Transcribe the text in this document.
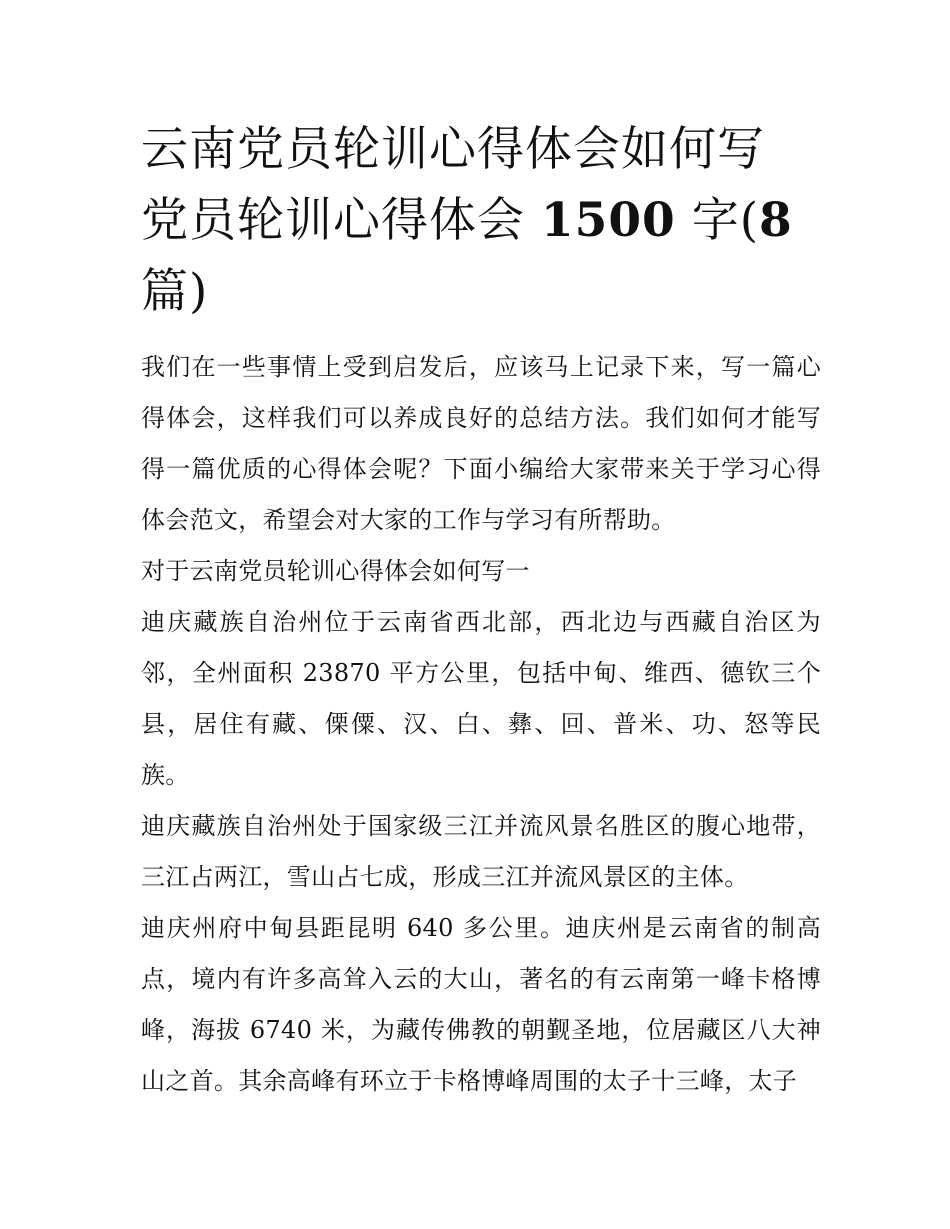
云南党员轮训心得体会如何写
党员轮训心得体会 1500 字(8
篇)

我们在一些事情上受到启发后，应该马上记录下来，写一篇心得体会，这样我们可以养成良好的总结方法。我们如何才能写得一篇优质的心得体会呢？下面小编给大家带来关于学习心得体会范文，希望会对大家的工作与学习有所帮助。

对于云南党员轮训心得体会如何写一

迪庆藏族自治州位于云南省西北部，西北边与西藏自治区为邻，全州面积 23870 平方公里，包括中甸、维西、德钦三个县，居住有藏、傈僳、汉、白、彝、回、普米、功、怒等民族。

迪庆藏族自治州处于国家级三江并流风景名胜区的腹心地带，三江占两江，雪山占七成，形成三江并流风景区的主体。

迪庆州府中甸县距昆明 640 多公里。迪庆州是云南省的制高点，境内有许多高耸入云的大山，著名的有云南第一峰卡格博峰，海拔 6740 米，为藏传佛教的朝觐圣地，位居藏区八大神山之首。其余高峰有环立于卡格博峰周围的太子十三峰，太子
